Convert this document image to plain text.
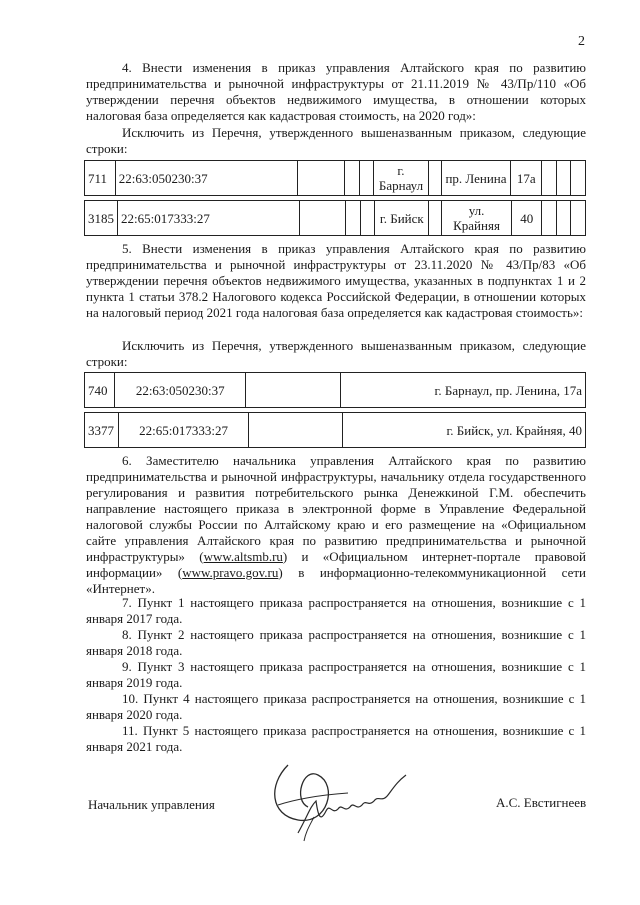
2
4. Внести изменения в приказ управления Алтайского края по развитию предпринимательства и рыночной инфраструктуры от 21.11.2019 № 43/Пр/110 «Об утверждении перечня объектов недвижимого имущества, в отношении которых налоговая база определяется как кадастровая стоимость, на 2020 год»:
Исключить из Перечня, утвержденного вышеназванным приказом, следующие строки:
711	22:63:050230:37				г. Барнаул		пр. Ленина	17а			
3185	22:65:017333:27				г. Бийск		ул. Крайняя	40			
5. Внести изменения в приказ управления Алтайского края по развитию предпринимательства и рыночной инфраструктуры от 23.11.2020 № 43/Пр/83 «Об утверждении перечня объектов недвижимого имущества, указанных в подпунктах 1 и 2 пункта 1 статьи 378.2 Налогового кодекса Российской Федерации, в отношении которых на налоговый период 2021 года налоговая база определяется как кадастровая стоимость»:
Исключить из Перечня, утвержденного вышеназванным приказом, следующие строки:
740	22:63:050230:37		г. Барнаул, пр. Ленина, 17а
3377	22:65:017333:27		г. Бийск, ул. Крайняя, 40
6. Заместителю начальника управления Алтайского края по развитию предпринимательства и рыночной инфраструктуры, начальнику отдела государственного регулирования и развития потребительского рынка Денежкиной Г.М. обеспечить направление настоящего приказа в электронной форме в Управление Федеральной налоговой службы России по Алтайскому краю и его размещение на «Официальном сайте управления Алтайского края по развитию предпринимательства и рыночной инфраструктуры» (www.altsmb.ru) и «Официальном интернет-портале правовой информации» (www.pravo.gov.ru) в информационно-телекоммуникационной сети «Интернет».
7. Пункт 1 настоящего приказа распространяется на отношения, возникшие с 1 января 2017 года.
8. Пункт 2 настоящего приказа распространяется на отношения, возникшие с 1 января 2018 года.
9. Пункт 3 настоящего приказа распространяется на отношения, возникшие с 1 января 2019 года.
10. Пункт 4 настоящего приказа распространяется на отношения, возникшие с 1 января 2020 года.
11. Пункт 5 настоящего приказа распространяется на отношения, возникшие с 1 января 2021 года.
Начальник управления	А.С. Евстигнеев
